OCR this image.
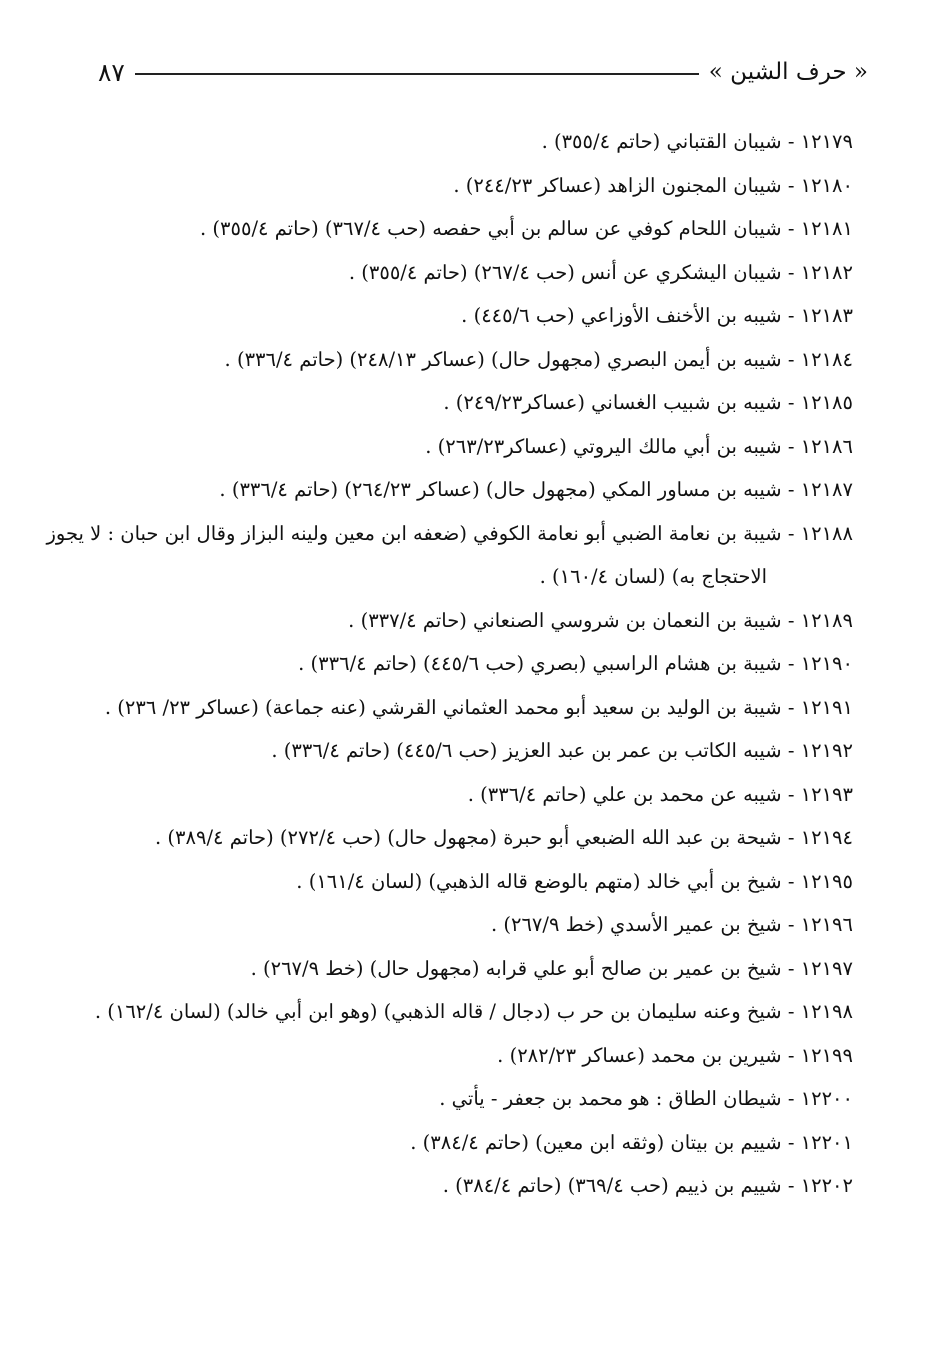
« حرف الشين »
٨٧
١٢١٧٩ - شيبان القتباني (حاتم ٣٥٥/٤) .
١٢١٨٠ - شيبان المجنون الزاهد (عساكر ٢٤٤/٢٣) .
١٢١٨١ - شيبان اللحام كوفي عن سالم بن أبي حفصه (حب ٣٦٧/٤) (حاتم ٣٥٥/٤) .
١٢١٨٢ - شيبان اليشكري عن أنس (حب ٢٦٧/٤) (حاتم ٣٥٥/٤) .
١٢١٨٣ - شيبه بن الأخنف الأوزاعي (حب ٤٤٥/٦) .
١٢١٨٤ - شيبه بن أيمن البصري (مجهول حال) (عساكر ٢٤٨/١٣) (حاتم ٣٣٦/٤) .
١٢١٨٥ - شيبه بن شبيب الغساني (عساكر٢٤٩/٢٣) .
١٢١٨٦ - شيبه بن أبي مالك اليروتي (عساكر٢٦٣/٢٣) .
١٢١٨٧ - شيبه بن مساور المكي (مجهول حال) (عساكر ٢٦٤/٢٣) (حاتم ٣٣٦/٤) .
١٢١٨٨ - شيبة بن نعامة الضبي أبو نعامة الكوفي (ضعفه ابن معين ولينه البزاز وقال ابن حبان : لا يجوز
الاحتجاج به) (لسان ١٦٠/٤) .
١٢١٨٩ - شيبة بن النعمان بن شروسي الصنعاني (حاتم ٣٣٧/٤) .
١٢١٩٠ - شيبة بن هشام الراسبي (بصري (حب ٤٤٥/٦) (حاتم ٣٣٦/٤) .
١٢١٩١ - شيبة بن الوليد بن سعيد أبو محمد العثماني القرشي (عنه جماعة) (عساكر ٢٣/ ٢٣٦) .
١٢١٩٢ - شيبه الكاتب بن عمر بن عبد العزيز (حب ٤٤٥/٦) (حاتم ٣٣٦/٤) .
١٢١٩٣ - شيبه عن محمد بن علي (حاتم ٣٣٦/٤) .
١٢١٩٤ - شيحة بن عبد الله الضبعي أبو حبرة (مجهول حال) (حب ٢٧٢/٤) (حاتم ٣٨٩/٤) .
١٢١٩٥ - شيخ بن أبي خالد (متهم بالوضع قاله الذهبي) (لسان ١٦١/٤) .
١٢١٩٦ - شيخ بن عمير الأسدي (خط ٢٦٧/٩) .
١٢١٩٧ - شيخ بن عمير بن صالح أبو علي قرابه (مجهول حال) (خط ٢٦٧/٩) .
١٢١٩٨ - شيخ وعنه سليمان بن حر ب (دجال / قاله الذهبي) (وهو ابن أبي خالد) (لسان ١٦٢/٤) .
١٢١٩٩ - شيرين بن محمد (عساكر ٢٨٢/٢٣) .
١٢٢٠٠ - شيطان الطاق : هو محمد بن جعفر - يأتي .
١٢٢٠١ - شييم بن بيتان (وثقه ابن معين) (حاتم ٣٨٤/٤) .
١٢٢٠٢ - شييم بن ذييم (حب ٣٦٩/٤) (حاتم ٣٨٤/٤) .
